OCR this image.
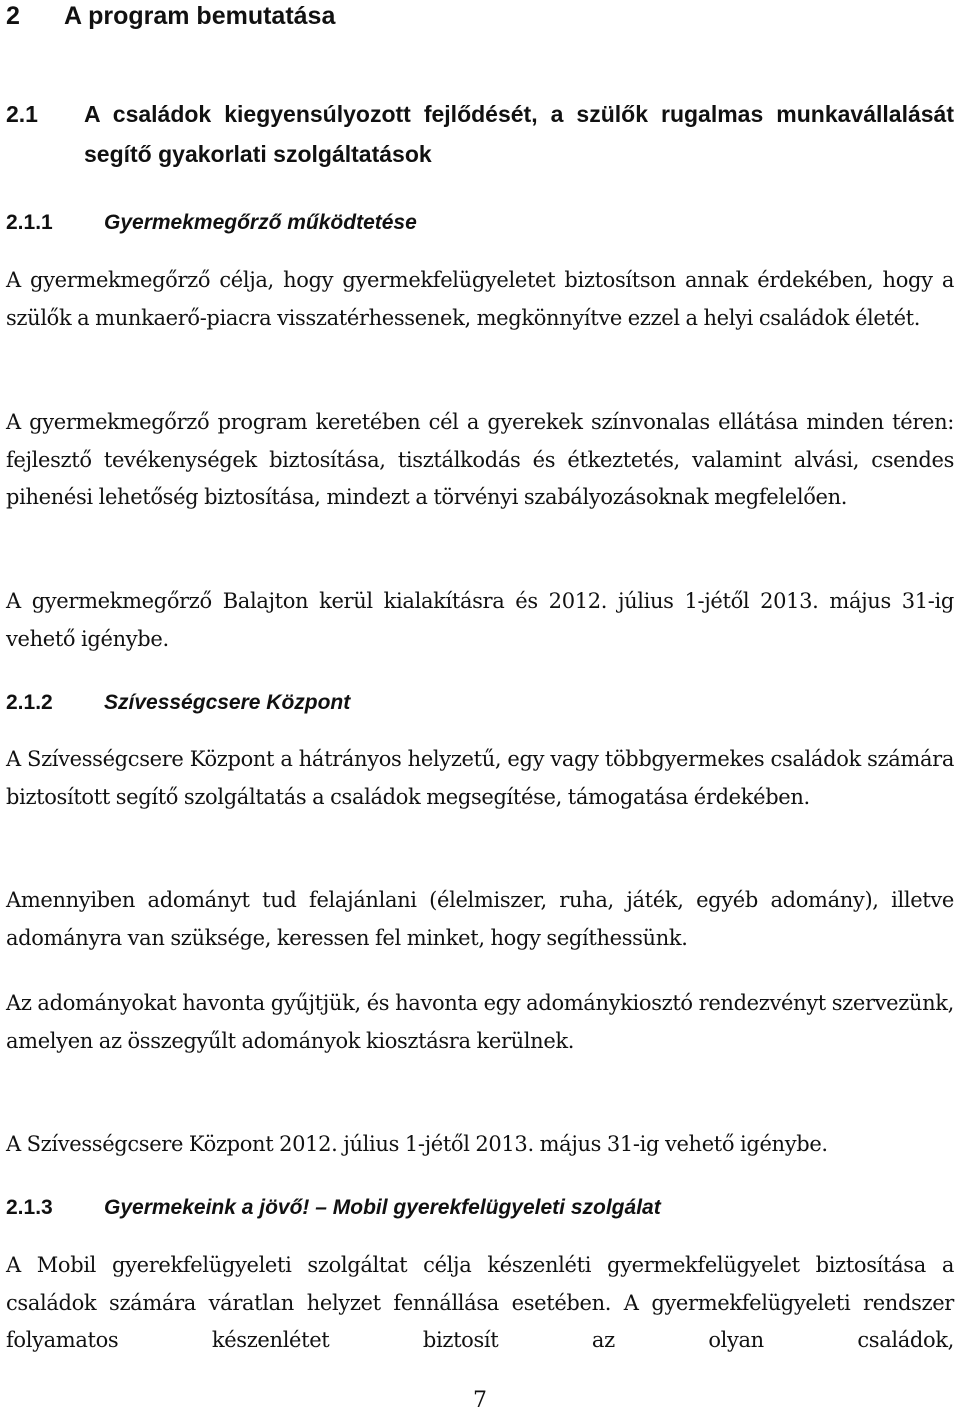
2 A program bemutatása
2.1 A családok kiegyensúlyozott fejlődését, a szülők rugalmas munkavállalását segítő gyakorlati szolgáltatások
2.1.1 Gyermekmegőrző működtetése

A gyermekmegőrző célja, hogy gyermekfelügyeletet biztosítson annak érdekében, hogy a szülők a munkaerő-piacra visszatérhessenek, megkönnyítve ezzel a helyi családok életét.

A gyermekmegőrző program keretében cél a gyerekek színvonalas ellátása minden téren: fejlesztő tevékenységek biztosítása, tisztálkodás és étkeztetés, valamint alvási, csendes pihenési lehetőség biztosítása, mindezt a törvényi szabályozásoknak megfelelően.

A gyermekmegőrző Balajton kerül kialakításra és 2012. július 1-jétől 2013. május 31-ig vehető igénybe.

2.1.2 Szívességcsere Központ

A Szívességcsere Központ a hátrányos helyzetű, egy vagy többgyermekes családok számára biztosított segítő szolgáltatás a családok megsegítése, támogatása érdekében.

Amennyiben adományt tud felajánlani (élelmiszer, ruha, játék, egyéb adomány), illetve adományra van szüksége, keressen fel minket, hogy segíthessünk.

Az adományokat havonta gyűjtjük, és havonta egy adománykiosztó rendezvényt szervezünk, amelyen az összegyűlt adományok kiosztásra kerülnek.

A Szívességcsere Központ 2012. július 1-jétől 2013. május 31-ig vehető igénybe.

2.1.3 Gyermekeink a jövő! – Mobil gyerekfelügyeleti szolgálat

A Mobil gyerekfelügyeleti szolgáltat célja készenléti gyermekfelügyelet biztosítása a családok számára váratlan helyzet fennállása esetében. A gyermekfelügyeleti rendszer folyamatos készenlétet biztosít az olyan családok,

7
